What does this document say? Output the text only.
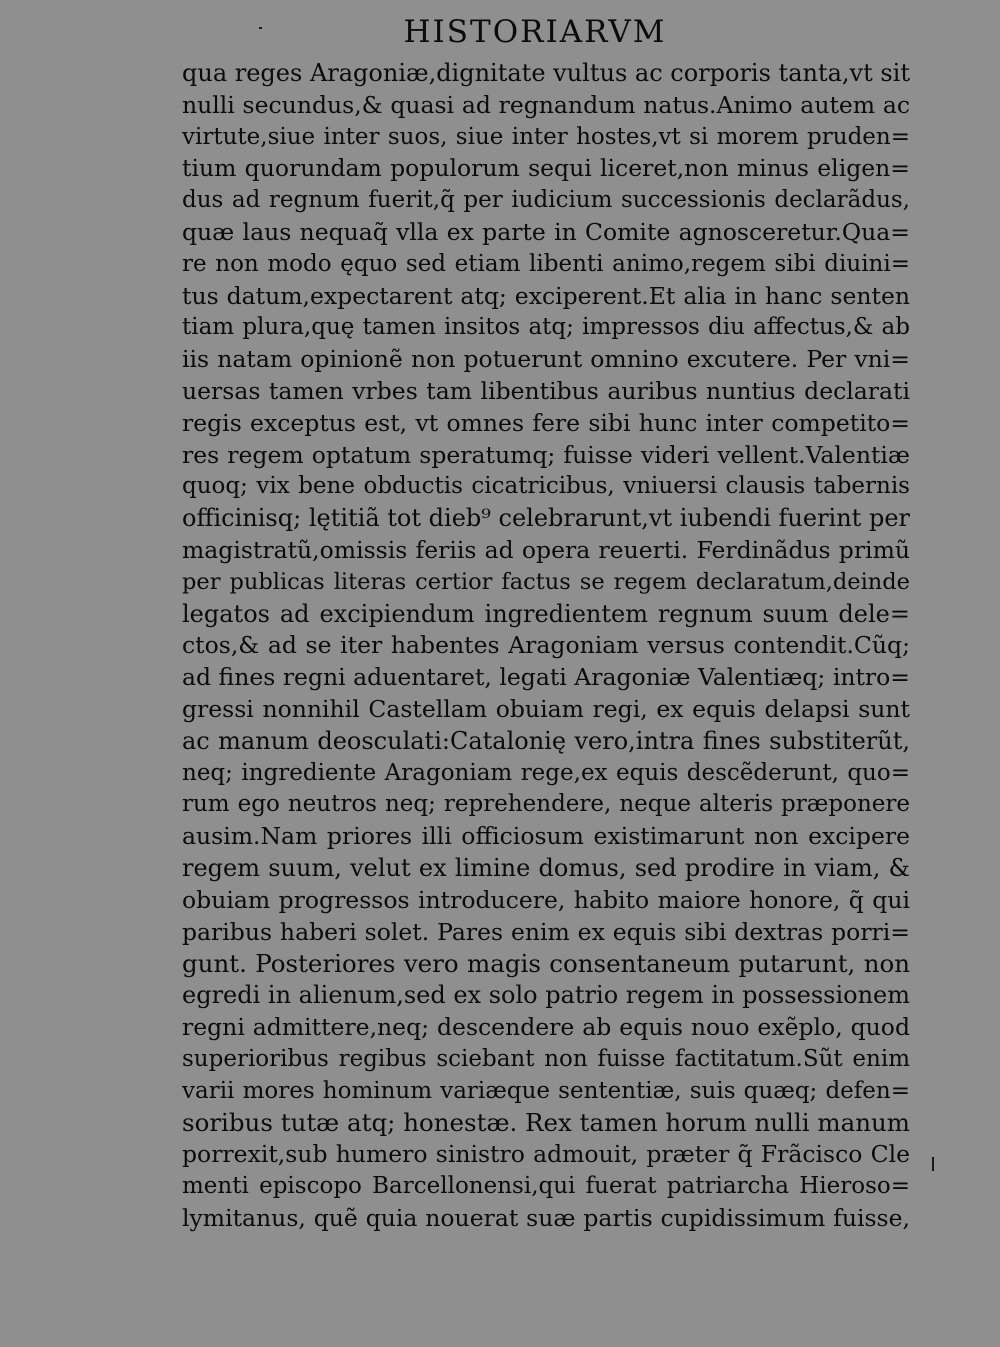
HISTORIARVM
qua reges Aragoniæ,dignitate vultus ac corporis tanta,vt sit
nulli secundus,& quasi ad regnandum natus.Animo autem ac
virtute,siue inter suos, siue inter hostes,vt si morem pruden=
tium quorundam populorum sequi liceret,non minus eligen=
dus ad regnum fuerit,q̃ per iudicium successionis declarãdus,
quæ laus nequaq̃ vlla ex parte in Comite agnosceretur.Qua=
re non modo ęquo sed etiam libenti animo,regem sibi diuini=
tus datum,expectarent atq; exciperent.Et alia in hanc senten
tiam plura,quę tamen insitos atq; impressos diu affectus,& ab
iis natam opinionẽ non potuerunt omnino excutere. Per vni=
uersas tamen vrbes tam libentibus auribus nuntius declarati
regis exceptus est, vt omnes fere sibi hunc inter competito=
res regem optatum speratumq; fuisse videri vellent.Valentiæ
quoq; vix bene obductis cicatricibus, vniuersi clausis tabernis
officinisq; lętitiã tot dieb⁹ celebrarunt,vt iubendi fuerint per
magistratũ,omissis feriis ad opera reuerti. Ferdinãdus primũ
per publicas literas certior factus se regem declaratum,deinde
legatos ad excipiendum ingredientem regnum suum dele=
ctos,& ad se iter habentes Aragoniam versus contendit.Cũq;
ad fines regni aduentaret, legati Aragoniæ Valentiæq; intro=
gressi nonnihil Castellam obuiam regi, ex equis delapsi sunt
ac manum deosculati:Catalonię vero,intra fines substiterũt,
neq; ingrediente Aragoniam rege,ex equis descẽderunt, quo=
rum ego neutros neq; reprehendere, neque alteris præponere
ausim.Nam priores illi officiosum existimarunt non excipere
regem suum, velut ex limine domus, sed prodire in viam, &
obuiam progressos introducere, habito maiore honore, q̃ qui
paribus haberi solet. Pares enim ex equis sibi dextras porri=
gunt. Posteriores vero magis consentaneum putarunt, non
egredi in alienum,sed ex solo patrio regem in possessionem
regni admittere,neq; descendere ab equis nouo exẽplo, quod
superioribus regibus sciebant non fuisse factitatum.Sũt enim
varii mores hominum variæque sententiæ, suis quæq; defen=
soribus tutæ atq; honestæ. Rex tamen horum nulli manum
porrexit,sub humero sinistro admouit, præter q̃ Frãcisco Cle
menti episcopo Barcellonensi,qui fuerat patriarcha Hieroso=
lymitanus, quẽ quia nouerat suæ partis cupidissimum fuisse,
